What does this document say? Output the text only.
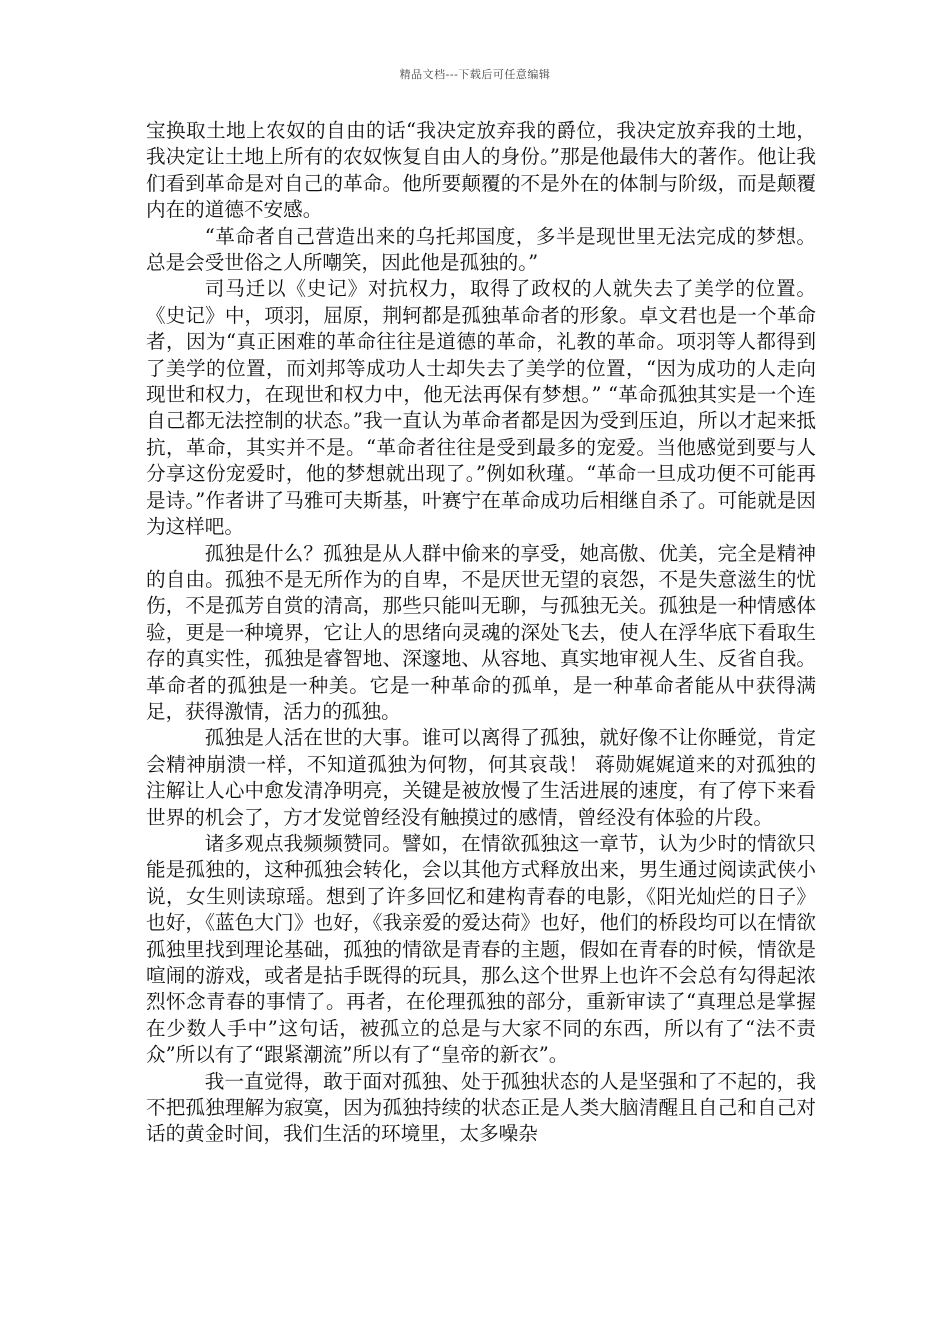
精品文档---下载后可任意编辑

宝换取土地上农奴的自由的话“我决定放弃我的爵位，我决定放弃我的土地，我决定让土地上所有的农奴恢复自由人的身份。”那是他最伟大的著作。他让我们看到革命是对自己的革命。他所要颠覆的不是外在的体制与阶级，而是颠覆内在的道德不安感。

“革命者自己营造出来的乌托邦国度，多半是现世里无法完成的梦想。总是会受世俗之人所嘲笑，因此他是孤独的。”

司马迁以《史记》对抗权力，取得了政权的人就失去了美学的位置。《史记》中，项羽，屈原，荆轲都是孤独革命者的形象。卓文君也是一个革命者，因为“真正困难的革命往往是道德的革命，礼教的革命。项羽等人都得到了美学的位置，而刘邦等成功人士却失去了美学的位置，“因为成功的人走向现世和权力，在现世和权力中，他无法再保有梦想。” “革命孤独其实是一个连自己都无法控制的状态。”我一直认为革命者都是因为受到压迫，所以才起来抵抗，革命，其实并不是。“革命者往往是受到最多的宠爱。当他感觉到要与人分享这份宠爱时，他的梦想就出现了。”例如秋瑾。“革命一旦成功便不可能再是诗。”作者讲了马雅可夫斯基，叶赛宁在革命成功后相继自杀了。可能就是因为这样吧。

孤独是什么？孤独是从人群中偷来的享受，她高傲、优美，完全是精神的自由。孤独不是无所作为的自卑，不是厌世无望的哀怨，不是失意滋生的忧伤，不是孤芳自赏的清高，那些只能叫无聊，与孤独无关。孤独是一种情感体验，更是一种境界，它让人的思绪向灵魂的深处飞去，使人在浮华底下看取生存的真实性，孤独是睿智地、深邃地、从容地、真实地审视人生、反省自我。革命者的孤独是一种美。它是一种革命的孤单，是一种革命者能从中获得满足，获得激情，活力的孤独。

孤独是人活在世的大事。谁可以离得了孤独，就好像不让你睡觉，肯定会精神崩溃一样，不知道孤独为何物，何其哀哉！ 蒋勋娓娓道来的对孤独的注解让人心中愈发清净明亮，关键是被放慢了生活进展的速度，有了停下来看世界的机会了，方才发觉曾经没有触摸过的感情，曾经没有体验的片段。

诸多观点我频频赞同。譬如，在情欲孤独这一章节，认为少时的情欲只能是孤独的，这种孤独会转化，会以其他方式释放出来，男生通过阅读武侠小说，女生则读琼瑶。想到了许多回忆和建构青春的电影，《阳光灿烂的日子》也好，《蓝色大门》也好，《我亲爱的爱达荷》也好，他们的桥段均可以在情欲孤独里找到理论基础，孤独的情欲是青春的主题，假如在青春的时候，情欲是喧闹的游戏，或者是拈手既得的玩具，那么这个世界上也许不会总有勾得起浓烈怀念青春的事情了。再者，在伦理孤独的部分，重新审读了“真理总是掌握在少数人手中”这句话，被孤立的总是与大家不同的东西，所以有了“法不责众”所以有了“跟紧潮流”所以有了“皇帝的新衣”。

我一直觉得，敢于面对孤独、处于孤独状态的人是坚强和了不起的，我不把孤独理解为寂寞，因为孤独持续的状态正是人类大脑清醒且自己和自己对话的黄金时间，我们生活的环境里，太多噪杂
